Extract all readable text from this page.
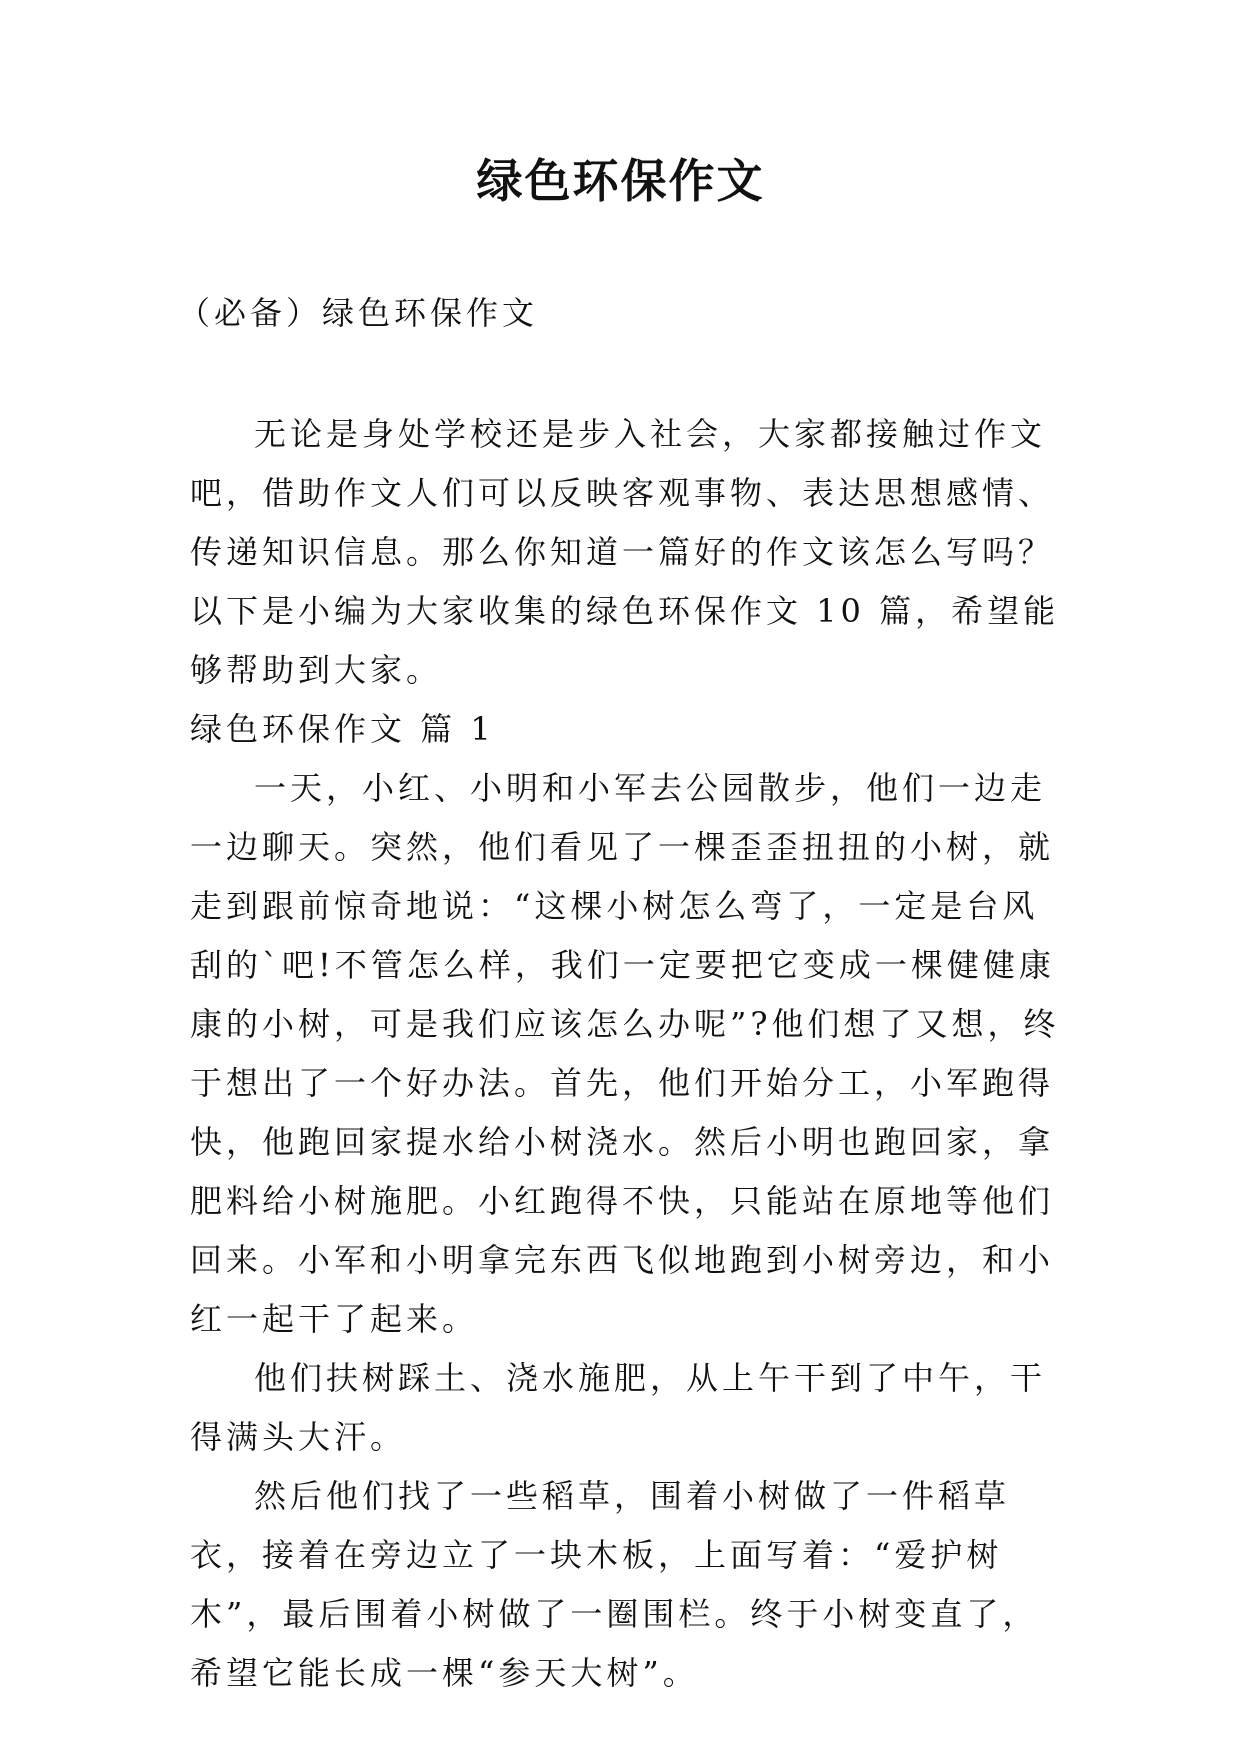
绿色环保作文

（必备）绿色环保作文

无论是身处学校还是步入社会，大家都接触过作文吧，借助作文人们可以反映客观事物、表达思想感情、传递知识信息。那么你知道一篇好的作文该怎么写吗？以下是小编为大家收集的绿色环保作文 10 篇，希望能够帮助到大家。

绿色环保作文 篇 1

一天，小红、小明和小军去公园散步，他们一边走一边聊天。突然，他们看见了一棵歪歪扭扭的小树，就走到跟前惊奇地说：“这棵小树怎么弯了，一定是台风刮的`吧!不管怎么样，我们一定要把它变成一棵健健康康的小树，可是我们应该怎么办呢”?他们想了又想，终于想出了一个好办法。首先，他们开始分工，小军跑得快，他跑回家提水给小树浇水。然后小明也跑回家，拿肥料给小树施肥。小红跑得不快，只能站在原地等他们回来。小军和小明拿完东西飞似地跑到小树旁边，和小红一起干了起来。

他们扶树踩土、浇水施肥，从上午干到了中午，干得满头大汗。

然后他们找了一些稻草，围着小树做了一件稻草衣，接着在旁边立了一块木板，上面写着：“爱护树木”，最后围着小树做了一圈围栏。终于小树变直了，希望它能长成一棵“参天大树”。
